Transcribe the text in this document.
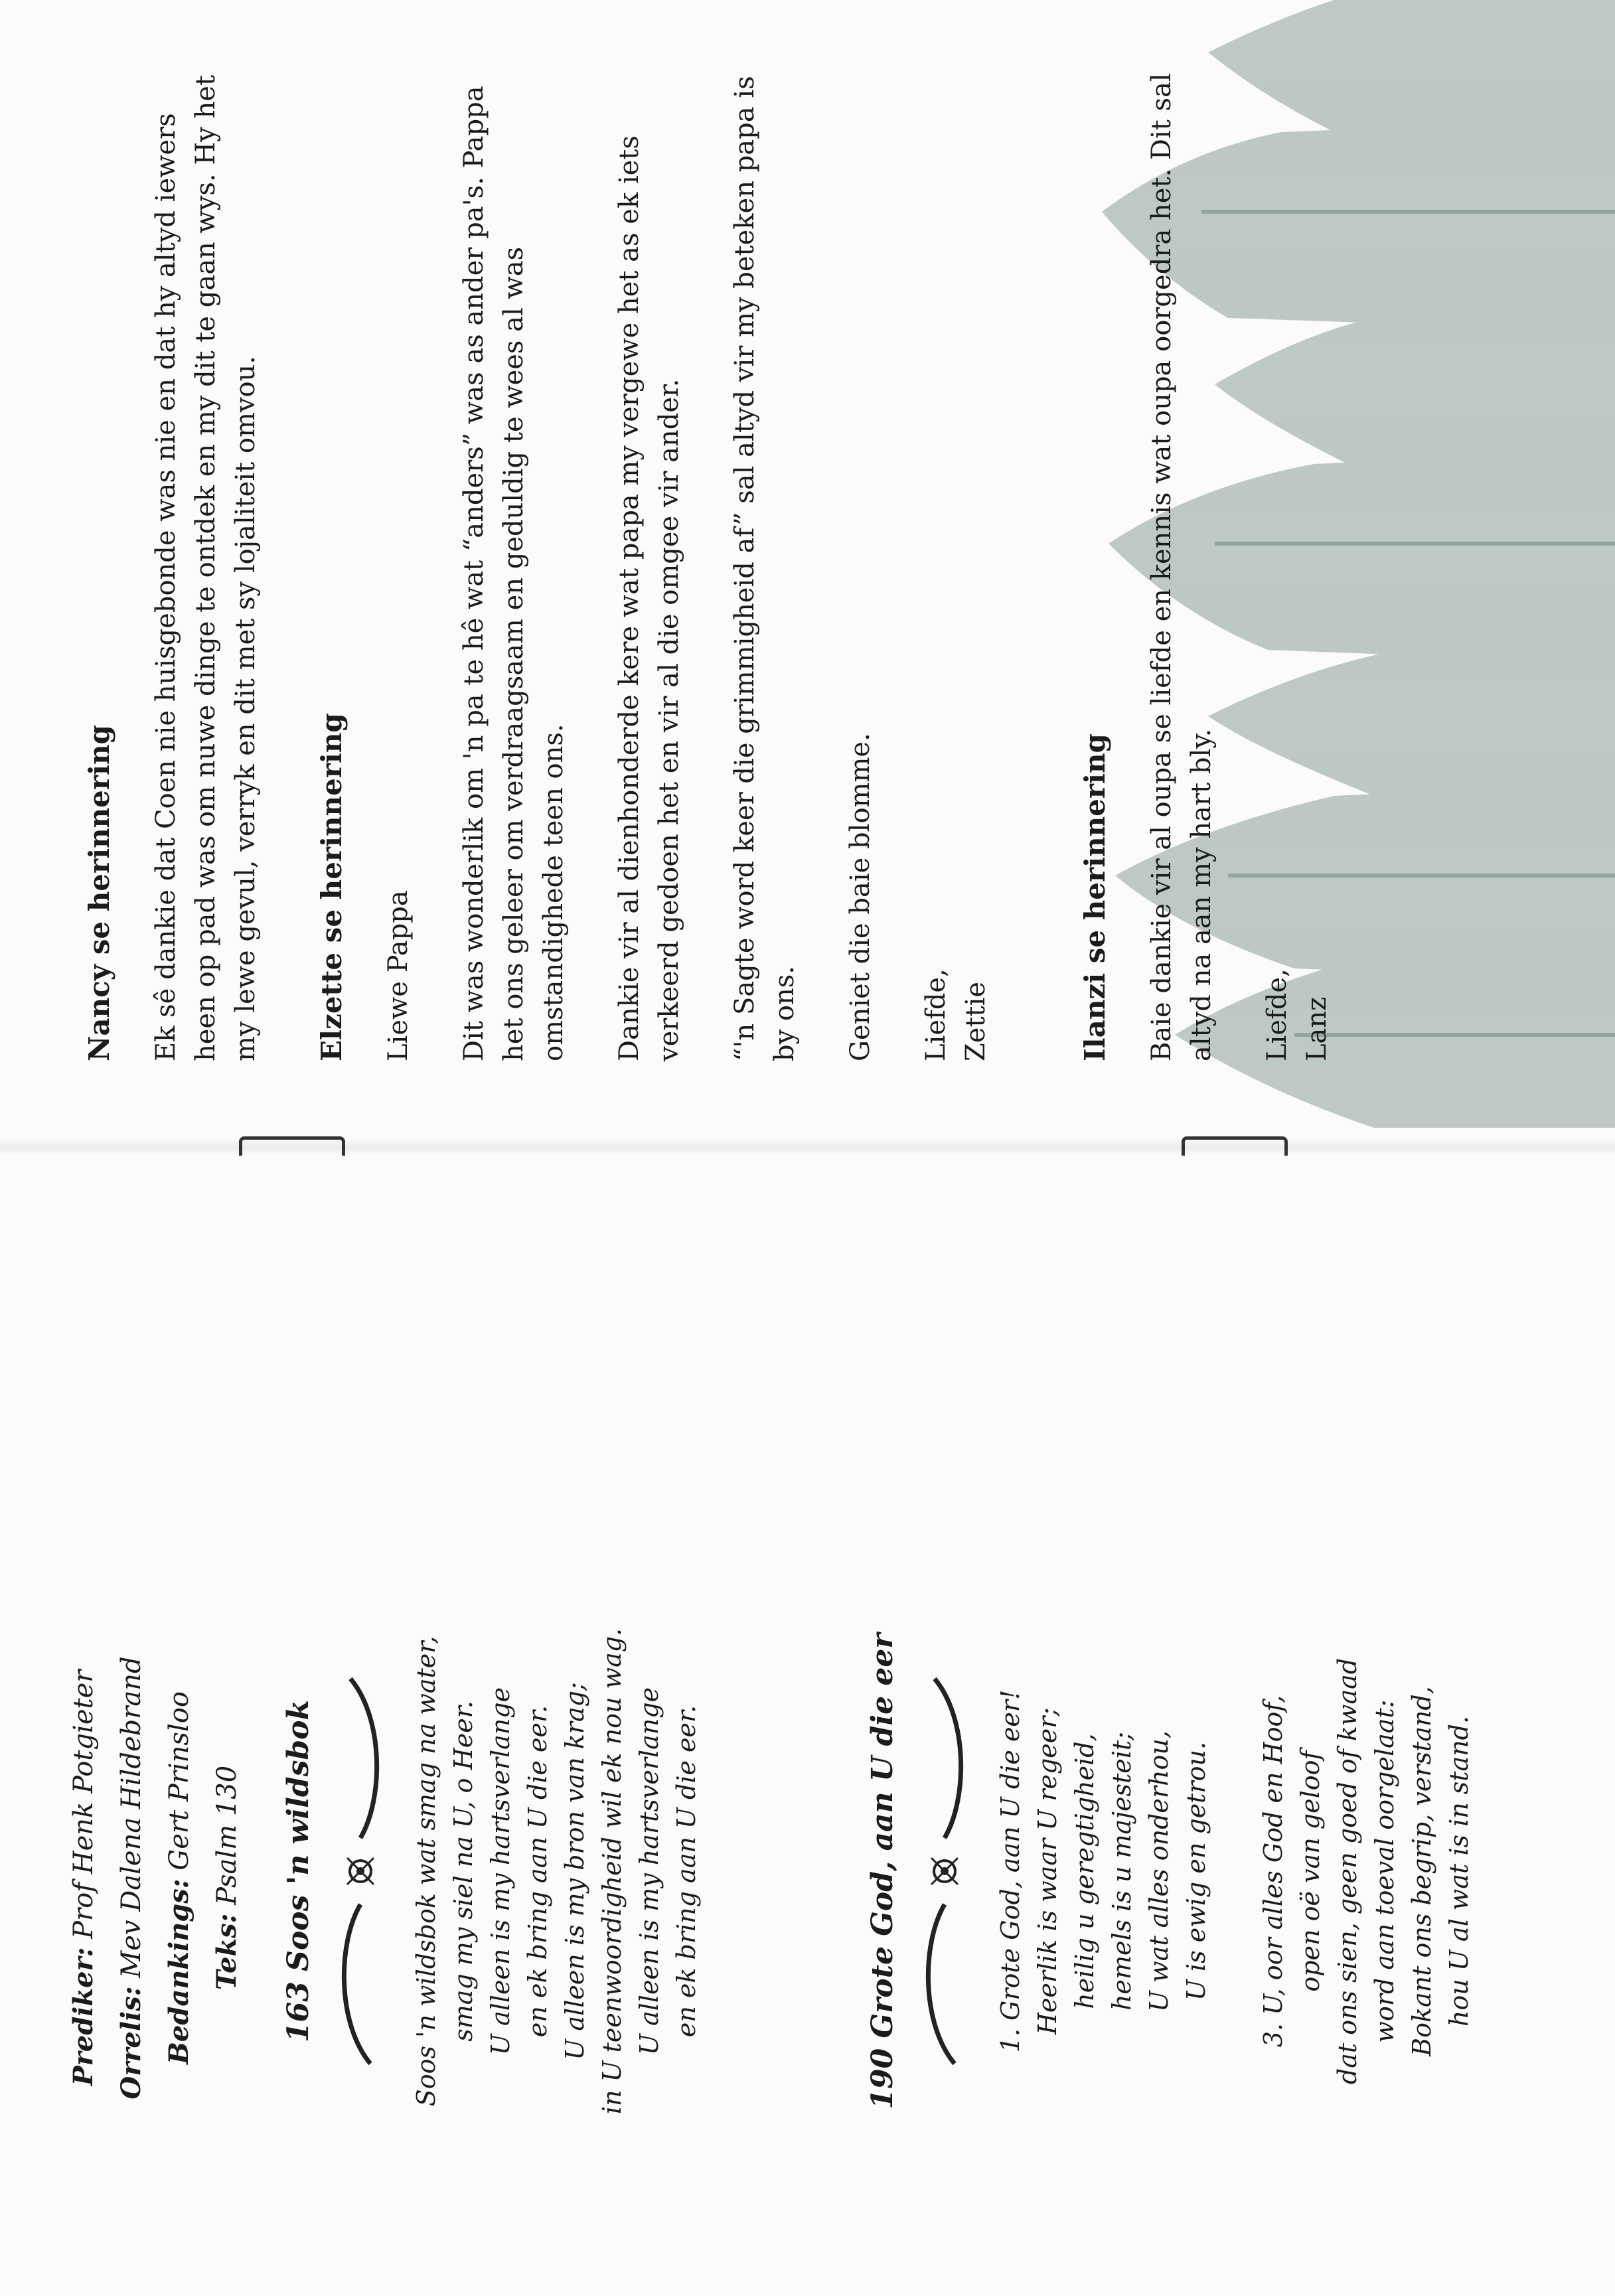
Prediker: Prof Henk Potgieter
Orrelis: Mev Dalena Hildebrand Bedankings: Gert Prinsloo
Teks: Psalm 130 163 Soos 'n wildsbok	Soos 'n wildsbok wat smag na water, smag my siel na U, o Heer. U alleen is my hartsverlange en ek bring aan U die eer. U alleen is my bron van krag; in U teenwoordigheid wil ek nou wag. U alleen is my hartsverlange en ek bring aan U die eer.	190 Grote God, aan U die eer	1. Grote God, aan U die eer! Heerlik is waar U regeer; heilig u geregtigheid, hemels is u majesteit; U wat alles onderhou, U is ewig en getrou. 3. U, oor alles God en Hoof, open oë van geloof dat ons sien, geen goed of kwaad word aan toeval oorgelaat: Bokant ons begrip, verstand, hou U al wat is in stand.

Nancy se herinnering Ek sê dankie dat Coen nie huisgebonde was nie en dat hy altyd iewers heen op pad was om nuwe dinge te ontdek en my dit te gaan wys. Hy het my lewe gevul, verryk en dit met sy lojaliteit omvou. Elzette se herinnering Liewe Pappa Dit was wonderlik om 'n pa te hê wat “anders” was as ander pa's. Pappa het ons geleer om verdraagsaam en geduldig te wees al was omstandighede teen ons. Dankie vir al dienhonderde kere wat papa my vergewe het as ek iets verkeerd gedoen het en vir al die omgee vir ander. “'n Sagte word keer die grimmigheid af” sal altyd vir my beteken papa is by ons. Geniet die baie blomme. Liefde, Zettie	Ilanzi se herinnering Baie dankie vir al oupa se liefde en kennis wat oupa oorgedra het. Dit sal altyd na aan my hart bly. Liefde, Lanz
